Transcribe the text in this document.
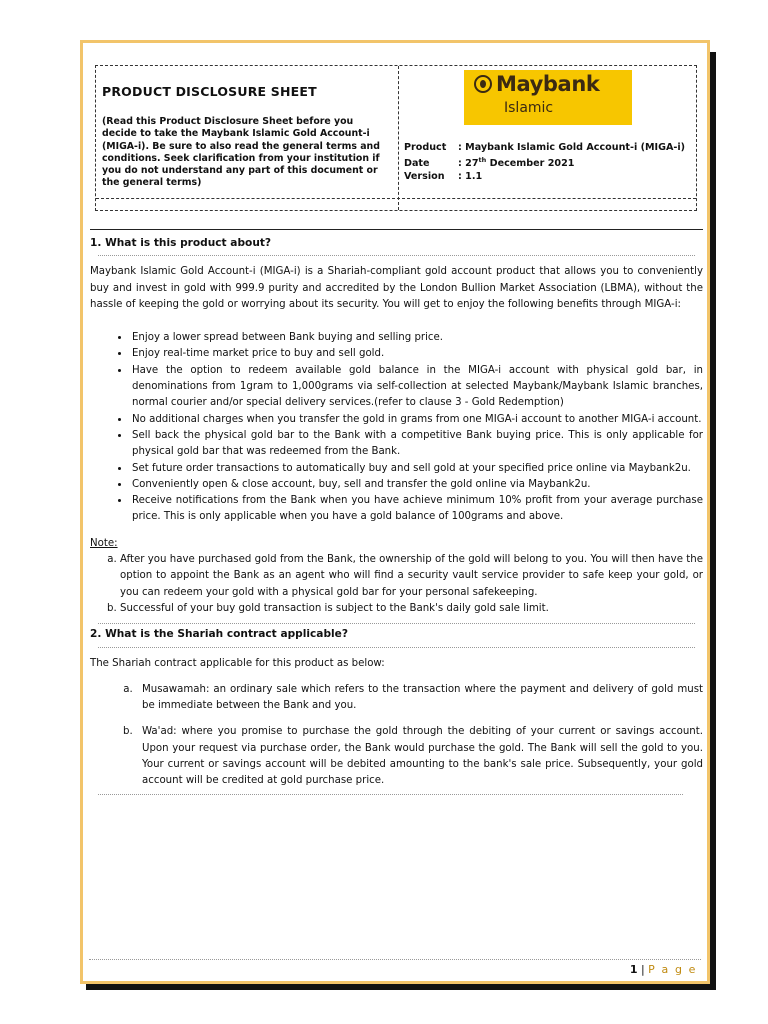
PRODUCT DISCLOSURE SHEET
(Read this Product Disclosure Sheet before you decide to take the Maybank Islamic Gold Account-i (MIGA-i). Be sure to also read the general terms and conditions. Seek clarification from your institution if you do not understand any part of this document or the general terms)
Maybank
Islamic
Product : Maybank Islamic Gold Account-i (MIGA-i)
Date	: 27th December 2021
Version : 1.1
1. What is this product about?

Maybank Islamic Gold Account-i (MIGA-i) is a Shariah-compliant gold account product that allows you to conveniently buy and invest in gold with 999.9 purity and accredited by the London Bullion Market Association (LBMA), without the hassle of keeping the gold or worrying about its security. You will get to enjoy the following benefits through MIGA-i:

• Enjoy a lower spread between Bank buying and selling price.
• Enjoy real-time market price to buy and sell gold.
• Have the option to redeem available gold balance in the MIGA-i account with physical gold bar, in denominations from 1gram to 1,000grams via self-collection at selected Maybank/Maybank Islamic branches, normal courier and/or special delivery services.(refer to clause 3 - Gold Redemption)
• No additional charges when you transfer the gold in grams from one MIGA-i account to another MIGA-i account.
• Sell back the physical gold bar to the Bank with a competitive Bank buying price. This is only applicable for physical gold bar that was redeemed from the Bank.
• Set future order transactions to automatically buy and sell gold at your specified price online via Maybank2u.
• Conveniently open & close account, buy, sell and transfer the gold online via Maybank2u.
• Receive notifications from the Bank when you have achieve minimum 10% profit from your average purchase price. This is only applicable when you have a gold balance of 100grams and above.
Note:
a. After you have purchased gold from the Bank, the ownership of the gold will belong to you. You will then have the option to appoint the Bank as an agent who will find a security vault service provider to safe keep your gold, or you can redeem your gold with a physical gold bar for your personal safekeeping.
b. Successful of your buy gold transaction is subject to the Bank's daily gold sale limit.
2. What is the Shariah contract applicable?

The Shariah contract applicable for this product as below:

a. Musawamah: an ordinary sale which refers to the transaction where the payment and delivery of gold must be immediate between the Bank and you.
b. Wa'ad: where you promise to purchase the gold through the debiting of your current or savings account. Upon your request via purchase order, the Bank would purchase the gold. The Bank will sell the gold to you. Your current or savings account will be debited amounting to the bank's sale price. Subsequently, your gold account will be credited at gold purchase price.
1 | P a g e
